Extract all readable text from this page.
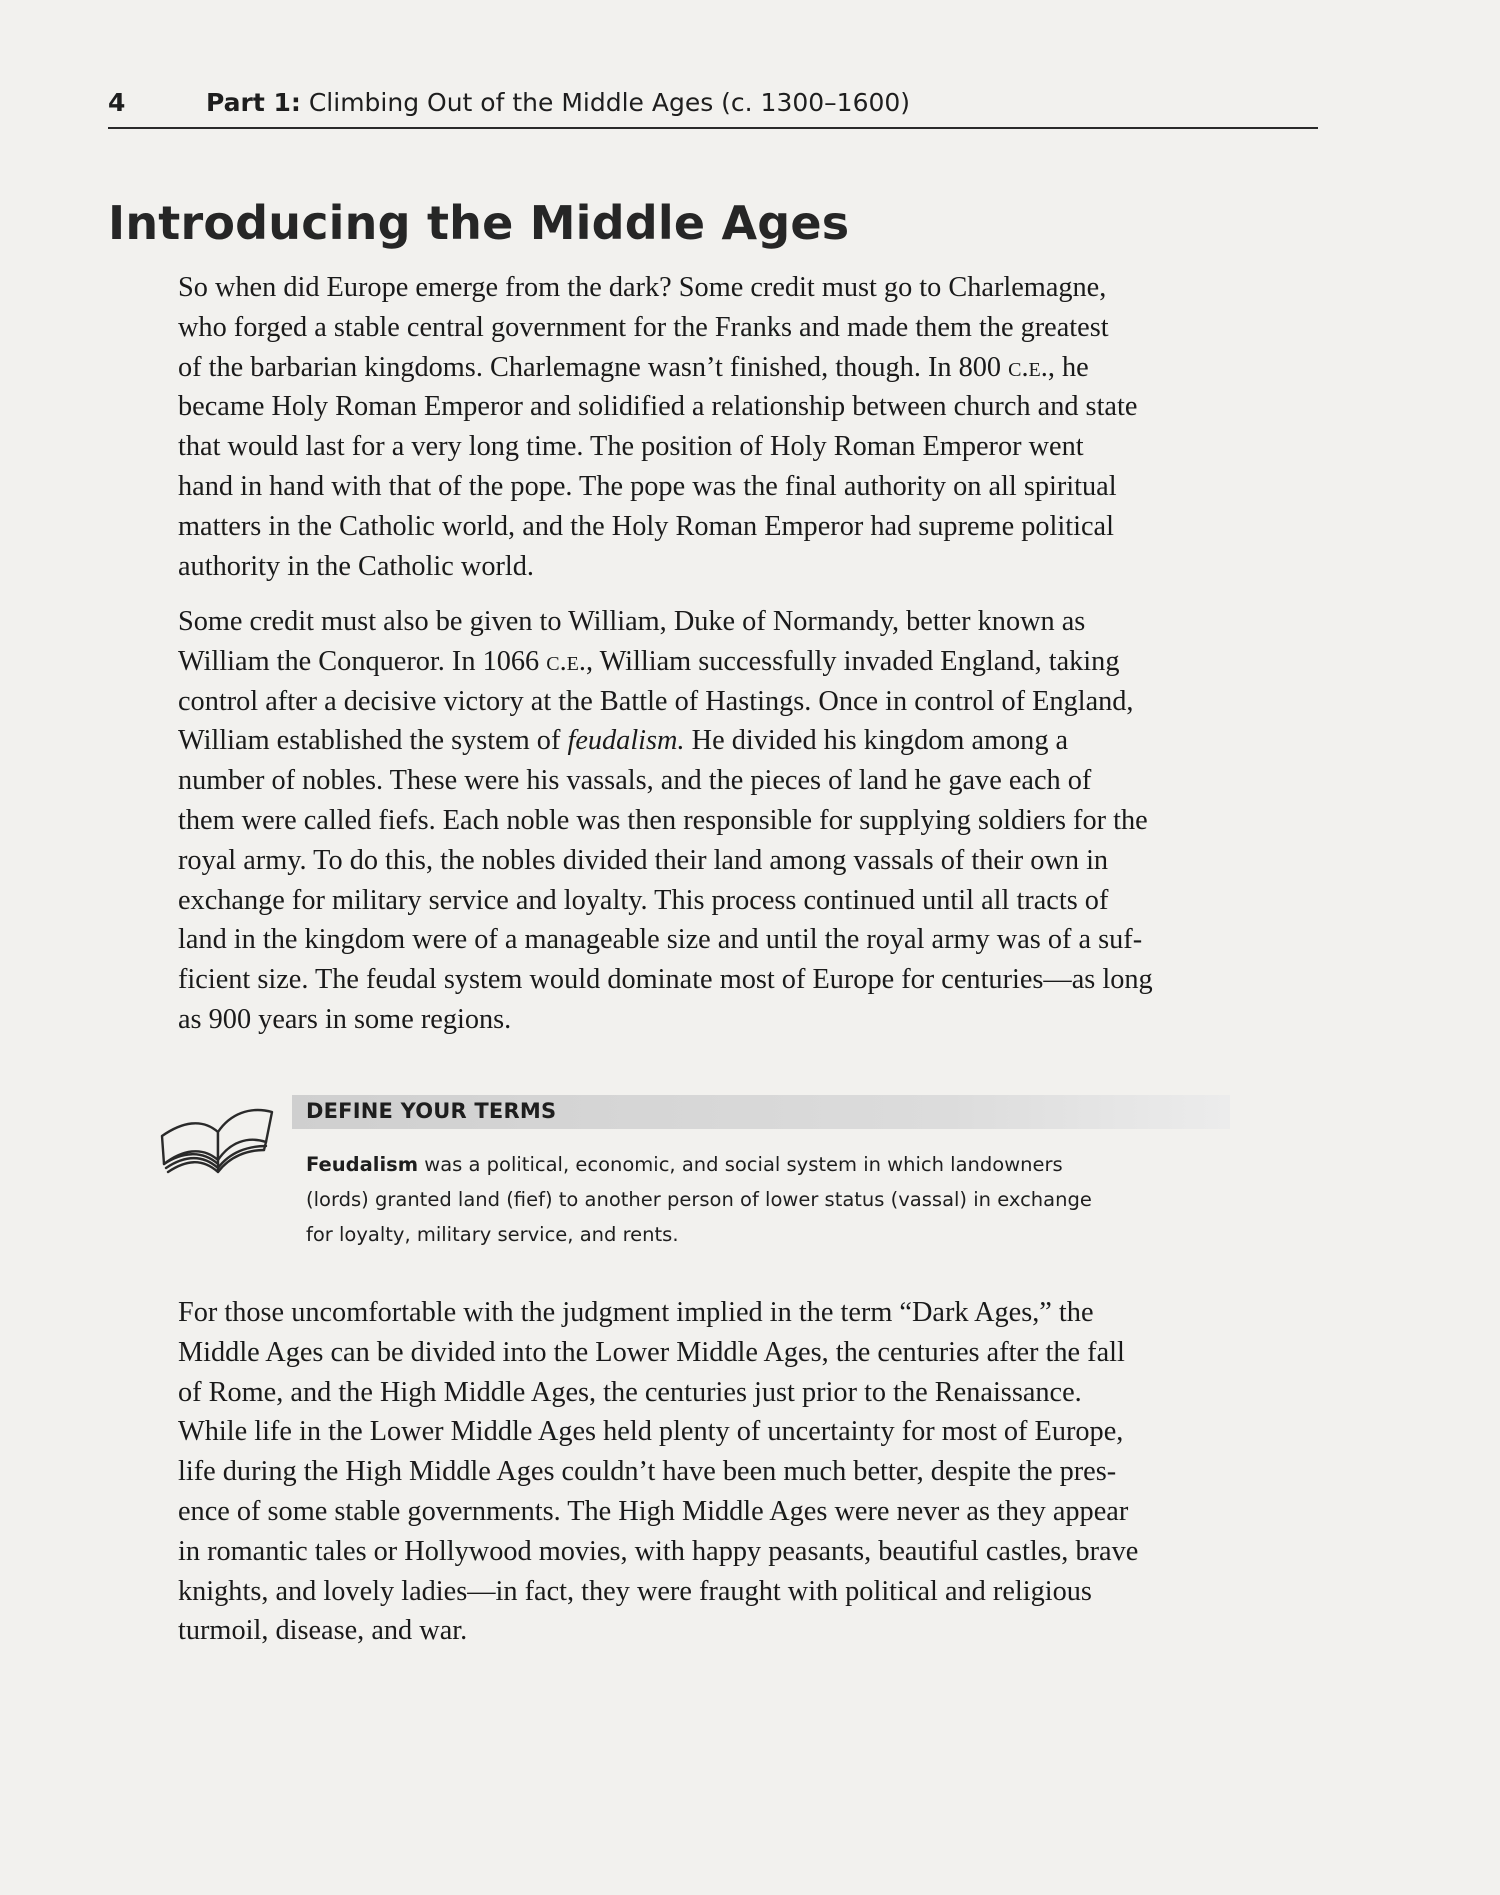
4	Part 1: Climbing Out of the Middle Ages (c. 1300–1600)
Introducing the Middle Ages

So when did Europe emerge from the dark? Some credit must go to Charlemagne,
who forged a stable central government for the Franks and made them the greatest
of the barbarian kingdoms. Charlemagne wasn’t finished, though. In 800 c.e., he
became Holy Roman Emperor and solidified a relationship between church and state
that would last for a very long time. The position of Holy Roman Emperor went
hand in hand with that of the pope. The pope was the final authority on all spiritual
matters in the Catholic world, and the Holy Roman Emperor had supreme political
authority in the Catholic world.

Some credit must also be given to William, Duke of Normandy, better known as
William the Conqueror. In 1066 c.e., William successfully invaded England, taking
control after a decisive victory at the Battle of Hastings. Once in control of England,
William established the system of feudalism. He divided his kingdom among a
number of nobles. These were his vassals, and the pieces of land he gave each of
them were called fiefs. Each noble was then responsible for supplying soldiers for the
royal army. To do this, the nobles divided their land among vassals of their own in
exchange for military service and loyalty. This process continued until all tracts of
land in the kingdom were of a manageable size and until the royal army was of a suf-
ficient size. The feudal system would dominate most of Europe for centuries—as long
as 900 years in some regions.

DEFINE YOUR TERMS
Feudalism was a political, economic, and social system in which landowners
(lords) granted land (fief) to another person of lower status (vassal) in exchange
for loyalty, military service, and rents.

For those uncomfortable with the judgment implied in the term “Dark Ages,” the
Middle Ages can be divided into the Lower Middle Ages, the centuries after the fall
of Rome, and the High Middle Ages, the centuries just prior to the Renaissance.
While life in the Lower Middle Ages held plenty of uncertainty for most of Europe,
life during the High Middle Ages couldn’t have been much better, despite the pres-
ence of some stable governments. The High Middle Ages were never as they appear
in romantic tales or Hollywood movies, with happy peasants, beautiful castles, brave
knights, and lovely ladies—in fact, they were fraught with political and religious
turmoil, disease, and war.
